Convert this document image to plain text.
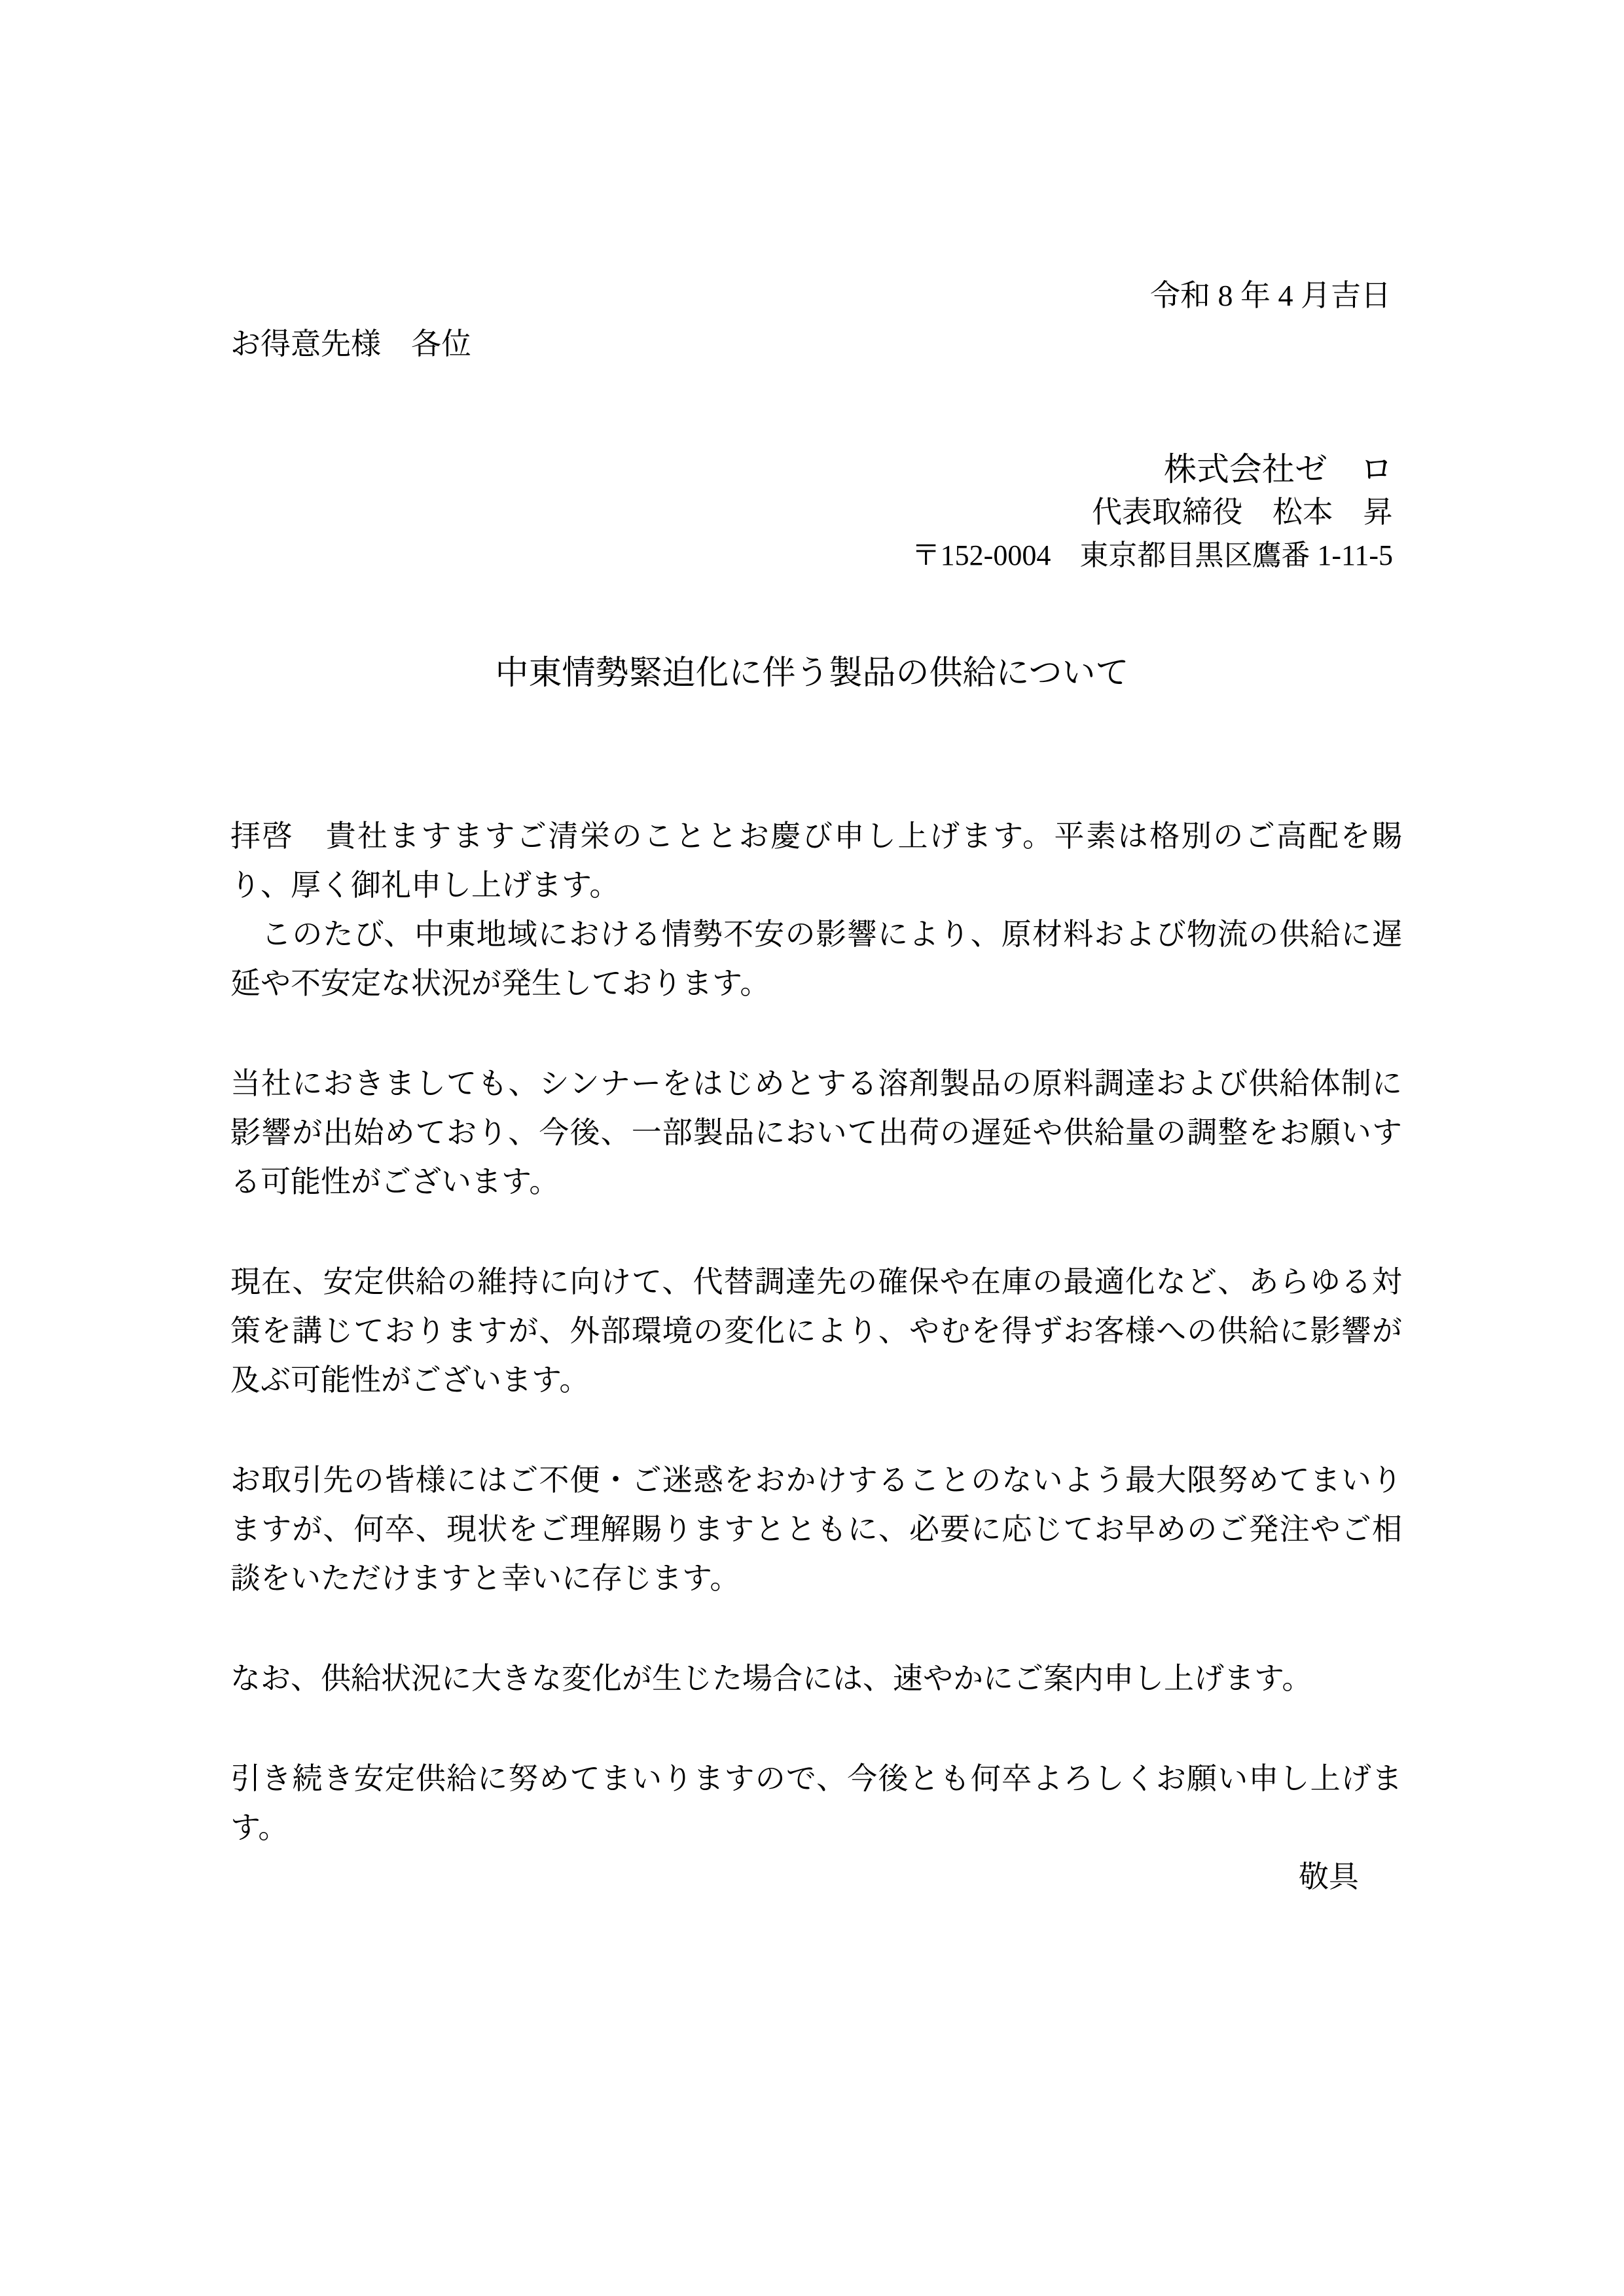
令和 8 年 4 月吉日
お得意先様　各位
株式会社ゼ　ロ
代表取締役　松本　昇
〒152-0004　東京都目黒区鷹番 1-11-5
中東情勢緊迫化に伴う製品の供給について

拝啓　貴社ますますご清栄のこととお慶び申し上げます。平素は格別のご高配を賜り、厚く御礼申し上げます。

　このたび、中東地域における情勢不安の影響により、原材料および物流の供給に遅延や不安定な状況が発生しております。

当社におきましても、シンナーをはじめとする溶剤製品の原料調達および供給体制に影響が出始めており、今後、一部製品において出荷の遅延や供給量の調整をお願いする可能性がございます。

現在、安定供給の維持に向けて、代替調達先の確保や在庫の最適化など、あらゆる対策を講じておりますが、外部環境の変化により、やむを得ずお客様への供給に影響が及ぶ可能性がございます。

お取引先の皆様にはご不便・ご迷惑をおかけすることのないよう最大限努めてまいりますが、何卒、現状をご理解賜りますとともに、必要に応じてお早めのご発注やご相談をいただけますと幸いに存じます。

なお、供給状況に大きな変化が生じた場合には、速やかにご案内申し上げます。

引き続き安定供給に努めてまいりますので、今後とも何卒よろしくお願い申し上げます。

敬具
